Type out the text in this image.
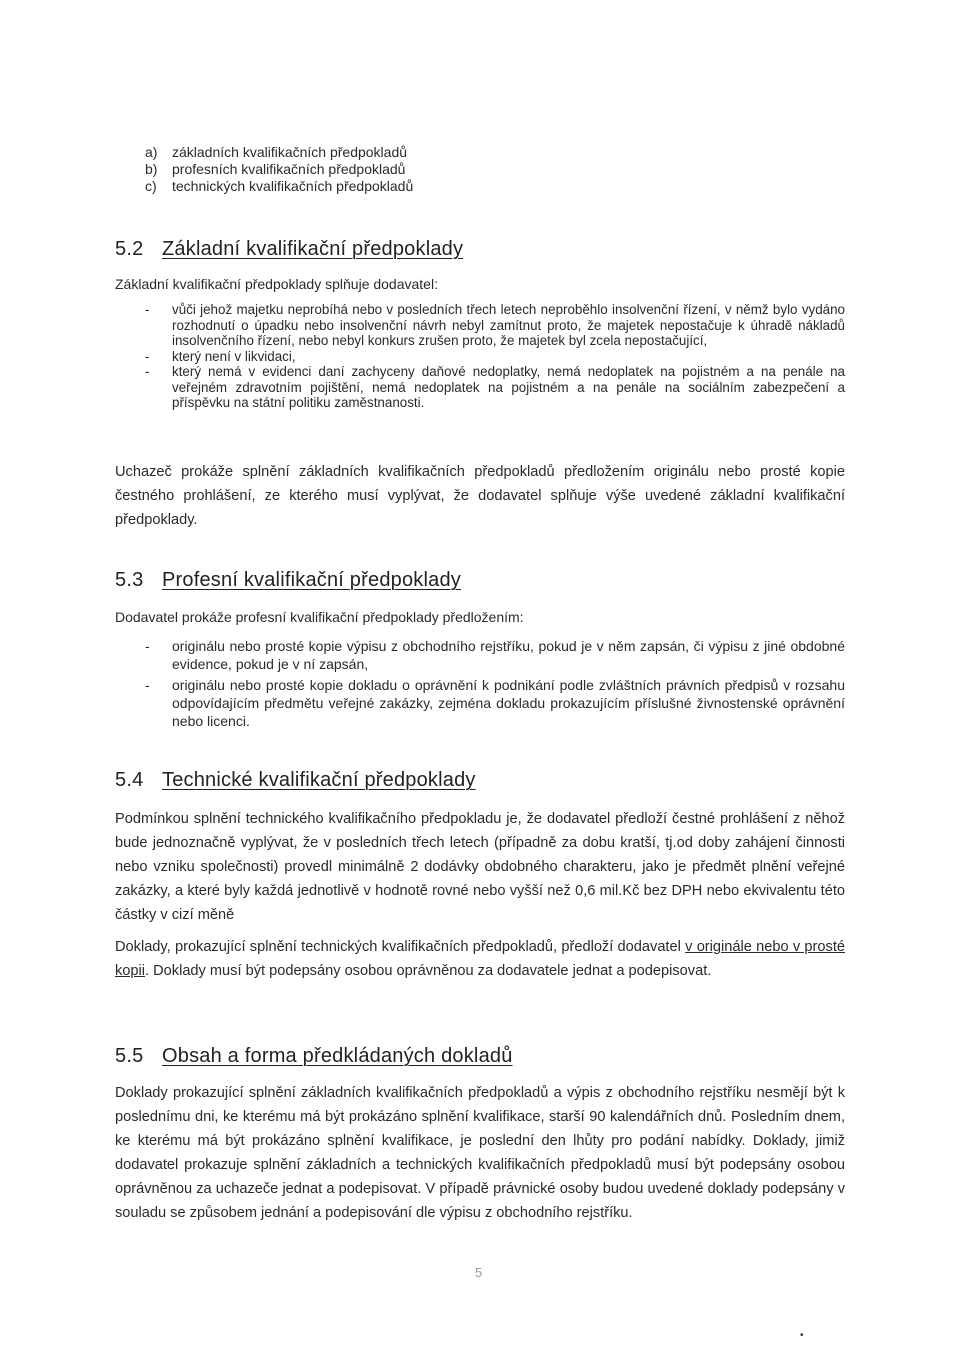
a)	základních kvalifikačních předpokladů
b)	profesních kvalifikačních předpokladů
c)	technických kvalifikačních předpokladů
5.2 Základní kvalifikační předpoklady

Základní kvalifikační předpoklady splňuje dodavatel:

- vůči jehož majetku neprobíhá nebo v posledních třech letech neproběhlo insolvenční řízení, v němž bylo vydáno rozhodnutí o úpadku nebo insolvenční návrh nebyl zamítnut proto, že majetek nepostačuje k úhradě nákladů insolvenčního řízení, nebo nebyl konkurs zrušen proto, že majetek byl zcela nepostačující,
- který není v likvidaci,
- který nemá v evidenci daní zachyceny daňové nedoplatky, nemá nedoplatek na pojistném a na penále na veřejném zdravotním pojištění, nemá nedoplatek na pojistném a na penále na sociálním zabezpečení a příspěvku na státní politiku zaměstnanosti.

Uchazeč prokáže splnění základních kvalifikačních předpokladů předložením originálu nebo prosté kopie čestného prohlášení, ze kterého musí vyplývat, že dodavatel splňuje výše uvedené základní kvalifikační předpoklady.

5.3 Profesní kvalifikační předpoklady

Dodavatel prokáže profesní kvalifikační předpoklady předložením:

- originálu nebo prosté kopie výpisu z obchodního rejstříku, pokud je v něm zapsán, či výpisu z jiné obdobné evidence, pokud je v ní zapsán,
- originálu nebo prosté kopie dokladu o oprávnění k podnikání podle zvláštních právních předpisů v rozsahu odpovídajícím předmětu veřejné zakázky, zejména dokladu prokazujícím příslušné živnostenské oprávnění nebo licenci.
5.4 Technické kvalifikační předpoklady

Podmínkou splnění technického kvalifikačního předpokladu je, že dodavatel předloží čestné prohlášení z něhož bude jednoznačně vyplývat, že v posledních třech letech (případně za dobu kratší, tj.od doby zahájení činnosti nebo vzniku společnosti) provedl minimálně 2 dodávky obdobného charakteru, jako je předmět plnění veřejné zakázky, a které byly každá jednotlivě v hodnotě rovné nebo vyšší než 0,6 mil.Kč bez DPH nebo ekvivalentu této částky v cizí měně

Doklady, prokazující splnění technických kvalifikačních předpokladů, předloží dodavatel v originále nebo v prosté kopii. Doklady musí být podepsány osobou oprávněnou za dodavatele jednat a podepisovat.

5.5 Obsah a forma předkládaných dokladů

Doklady prokazující splnění základních kvalifikačních předpokladů a výpis z obchodního rejstříku nesmějí být k poslednímu dni, ke kterému má být prokázáno splnění kvalifikace, starší 90 kalendářních dnů. Posledním dnem, ke kterému má být prokázáno splnění kvalifikace, je poslední den lhůty pro podání nabídky. Doklady, jimiž dodavatel prokazuje splnění základních a technických kvalifikačních předpokladů musí být podepsány osobou oprávněnou za uchazeče jednat a podepisovat. V případě právnické osoby budou uvedené doklady podepsány v souladu se způsobem jednání a podepisování dle výpisu z obchodního rejstříku.

5
•
